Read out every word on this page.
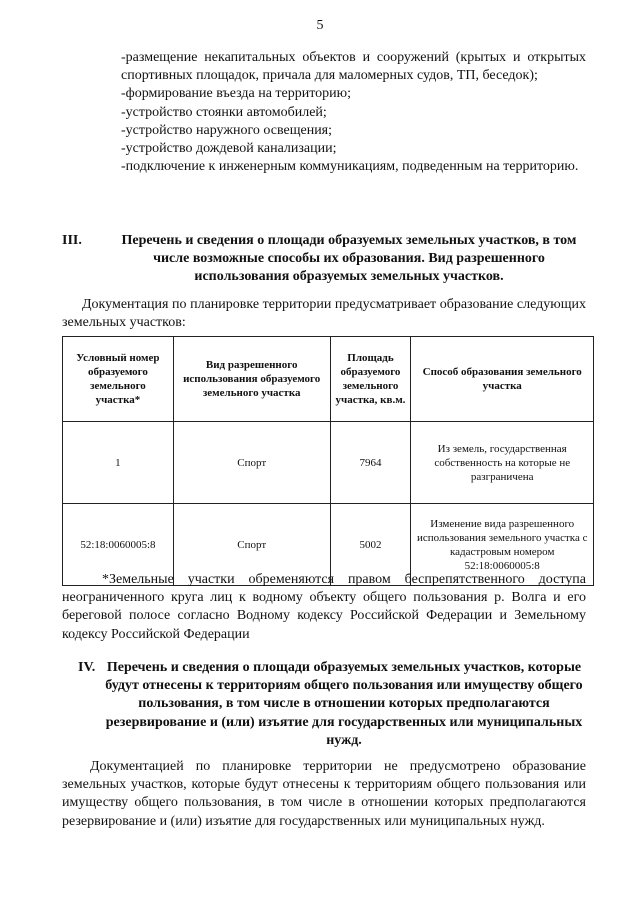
5
-размещение некапитальных объектов и сооружений (крытых и открытых спортивных площадок, причала для маломерных судов, ТП, беседок);
-формирование въезда на территорию;
-устройство стоянки автомобилей;
-устройство наружного освещения;
-устройство дождевой канализации;
-подключение к инженерным коммуникациям, подведенным на территорию.
III.	Перечень и сведения о площади образуемых земельных участков, в том числе возможные способы их образования. Вид разрешенного использования образуемых земельных участков.
Документация по планировке территории предусматривает образование следующих земельных участков:
Условный номер образуемого земельного участка*	Вид разрешенного использования образуемого земельного участка	Площадь образуемого земельного участка, кв.м.	Способ образования земельного участка
1	Спорт	7964	Из земель, государственная собственность на которые не разграничена
52:18:0060005:8	Спорт	5002	Изменение вида разрешенного использования земельного участка с кадастровым номером 52:18:0060005:8
*Земельные участки обременяются правом беспрепятственного доступа неограниченного круга лиц к водному объекту общего пользования р. Волга и его береговой полосе согласно Водному кодексу Российской Федерации и Земельному кодексу Российской Федерации
IV. Перечень и сведения о площади образуемых земельных участков, которые будут отнесены к территориям общего пользования или имуществу общего пользования, в том числе в отношении которых предполагаются резервирование и (или) изъятие для государственных или муниципальных нужд.
Документацией по планировке территории не предусмотрено образование земельных участков, которые будут отнесены к территориям общего пользования или имуществу общего пользования, в том числе в отношении которых предполагаются резервирование и (или) изъятие для государственных или муниципальных нужд.
